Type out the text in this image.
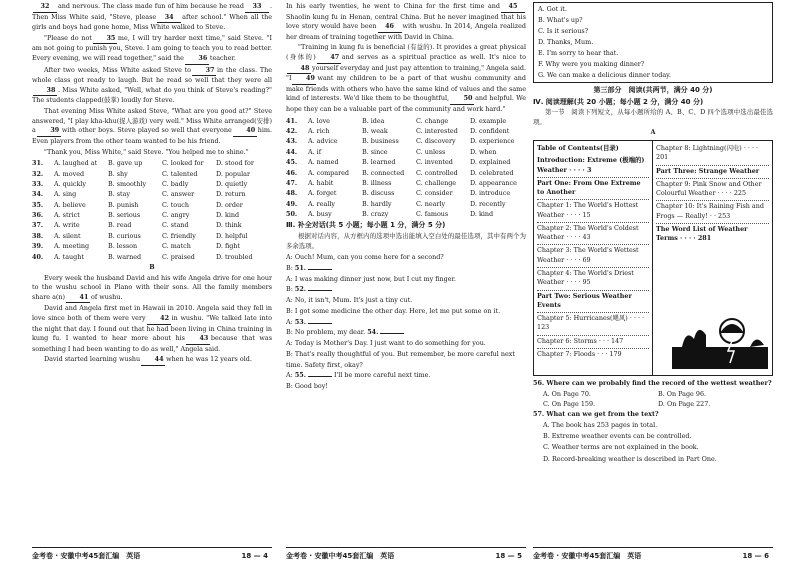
32 and nervous. The class made fun of him because he read 33 . Then Miss White said, "Steve, please 34 after school." When all the girls and boys had gone home, Miss White walked to Steve.

"Please do not 35 me, I will try harder next time," said Steve. "I am not going to punish you, Steve. I am going to teach you to read better. Every evening, we will read together," said the 36 teacher.

After two weeks, Miss White asked Steve to 37 in the class. The whole class got ready to laugh. But he read so well that they were all38 . Miss White asked, "Well, what do you think of Steve's reading?" The students clapped(鼓掌) loudly for Steve.

That evening Miss White asked Steve, "What are you good at?" Steve answered, "I play kha-khu(捉人游戏) very well." Miss White arranged(安排) a 39 with other boys. Steve played so well that everyone 40 him. Even players from the other team wanted to be his friend.

"Thank you, Miss White," said Steve. "You helped me to shine."

31.	A. laughed at	B. gave up	C. looked for	D. stood for
32.	A. moved	B. shy	C. talented	D. popular
33.	A. quickly	B. smoothly	C. badly	D. quietly
34.	A. sing	B. stay	C. answer	D. return
35.	A. believe	B. punish	C. touch	D. order
36.	A. strict	B. serious	C. angry	D. kind
37.	A. write	B. read	C. stand	D. think
38.	A. silent	B. curious	C. friendly	D. helpful
39.	A. meeting	B. lesson	C. match	D. fight
40.	A. taught	B. warned	C. praised	D. troubled
B

Every week the husband David and his wife Angela drive for one hour to the wushu school in Plano with their sons. All the family members share a(n) 41 of wushu.

David and Angela first met in Hawaii in 2010. Angela said they fell in love since both of them were very 42 in wushu. "We talked late into the night that day. I found out that he had been living in China training in kung fu. I wanted to hear more about his 43 because that was something I had been wanting to do as well," Angela said.

David started learning wushu 44 when he was 12 years old.

In his early twenties, he went to China for the first time and 45Shaolin kung fu in Henan, central China. But he never imagined that his love story would have been 46 with wushu. In 2014, Angela realized her dream of training together with David in China.

"Training in kung fu is beneficial (有益的). It provides a great physical (身体的) 47 and serves as a spiritual practice as well. It's nice to48 yourself everyday and just pay attention to training," Angela said. "I 49 want my children to be a part of that wushu community and make friends with others who have the same kind of values and the same kind of interests. We'd like them to be thoughtful, 50 and helpful. We hope they can be a valuable part of the community and work hard."

41.	A. love	B. idea	C. change	D. example
42.	A. rich	B. weak	C. interested	D. confident
43.	A. advice	B. business	C. discovery	D. experience
44.	A. if	B. since	C. unless	D. when
45.	A. named	B. learned	C. invented	D. explained
46.	A. compared	B. connected	C. controlled	D. celebrated
47.	A. habit	B. illness	C. challenge	D. appearance
48.	A. forget	B. discuss	C. consider	D. introduce
49.	A. really	B. hardly	C. nearly	D. recently
50.	A. busy	B. crazy	C. famous	D. kind
Ⅲ. 补全对话(共 5 小题；每小题 1 分，满分 5 分)

根据对话内容，从方框内的选项中选出能填入空白处的最佳选项，其中有两个为多余选项。

A: Ouch! Mum, can you come here for a second?
B: 51.
A: I was making dinner just now, but I cut my finger.
B: 52.
A: No, it isn't, Mum. It's just a tiny cut.
B: I got some medicine the other day. Here, let me put some on it.
A: 53.
B: No problem, my dear. 54.
A: Today is Mother's Day. I just want to do something for you.
B: That's really thoughtful of you. But remember, be more careful next time. Safety first, okay?
A: 55.	I'll be more careful next time.
B: Good boy!
A. Got it.
B. What's up?
C. Is it serious?
D. Thanks, Mum.
E. I'm sorry to hear that.
F. Why were you making dinner?
G. We can make a delicious dinner today.
第三部分　阅读(共两节，满分 40 分)
Ⅳ. 阅读理解(共 20 小题；每小题 2 分，满分 40 分)

第一节　阅读下列短文，从每小题所给的 A、B、C、D 四个选项中选出最佳选项。

A
Table of Contents(目录)
Introduction: Extreme (极端的) Weather · · · · 3
Part One: From One Extreme to Another
Chapter 1: The World's Hottest Weather · · · · 15
Chapter 2: The World's Coldest Weather · · · · 43
Chapter 3: The World's Wettest Weather · · · · 69
Chapter 4: The World's Driest Weather · · · · 95
Part Two: Serious Weather Events
Chapter 5: Hurricanes(飓风) · · · · 123
Chapter 6: Storms · · · 147
Chapter 7: Floods · · · 179
Chapter 8: Lightning(闪电) · · · · 201
Part Three: Strange Weather
Chapter 9: Pink Snow and Other Colourful Weather · · · · 225
Chapter 10: It's Raining Fish and Frogs — Really! · · 253
The Word List of Weather Terms · · · · 281
56. Where can we probably find the record of the wettest weather?
A. On Page 70.	B. On Page 96.
C. On Page 159.	D. On Page 227.
57. What can we get from the text?
A. The book has 253 pages in total.
B. Extreme weather events can be controlled.
C. Weather terms are not explained in the book.
D. Record-breaking weather is described in Part One.
金考卷 · 安徽中考45套汇编　英语	18 — 4	金考卷 · 安徽中考45套汇编　英语	18 — 5 金考卷 · 安徽中考45套汇编　英语	18 — 6
